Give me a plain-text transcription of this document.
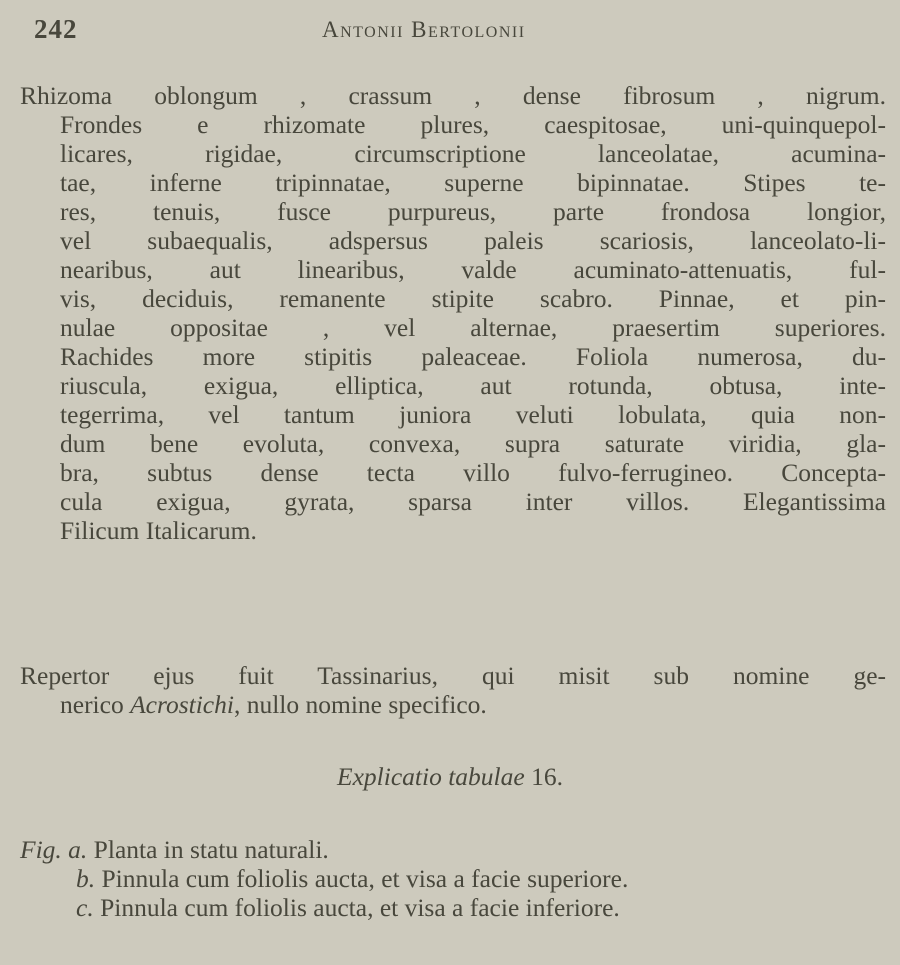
242	Antonii Bertolonii
Rhizoma oblongum , crassum , dense fibrosum , nigrum.
Frondes e rhizomate plures, caespitosae, uni-quinquepol-
licares, rigidae, circumscriptione lanceolatae, acumina-
tae, inferne tripinnatae, superne bipinnatae. Stipes te-
res, tenuis, fusce purpureus, parte frondosa longior,
vel subaequalis, adspersus paleis scariosis, lanceolato-li-
nearibus, aut linearibus, valde acuminato-attenuatis, ful-
vis, deciduis, remanente stipite scabro. Pinnae, et pin-
nulae oppositae , vel alternae, praesertim superiores.
Rachides more stipitis paleaceae. Foliola numerosa, du-
riuscula, exigua, elliptica, aut rotunda, obtusa, inte-
tegerrima, vel tantum juniora veluti lobulata, quia non-
dum bene evoluta, convexa, supra saturate viridia, gla-
bra, subtus dense tecta villo fulvo-ferrugineo. Concepta-
cula exigua, gyrata, sparsa inter villos. Elegantissima
Filicum Italicarum.
Repertor ejus fuit Tassinarius, qui misit sub nomine ge-
nerico Acrostichi, nullo nomine specifico.
Explicatio tabulae 16.
Fig. a. Planta in statu naturali.
b. Pinnula cum foliolis aucta, et visa a facie superiore.
c. Pinnula cum foliolis aucta, et visa a facie inferiore.
